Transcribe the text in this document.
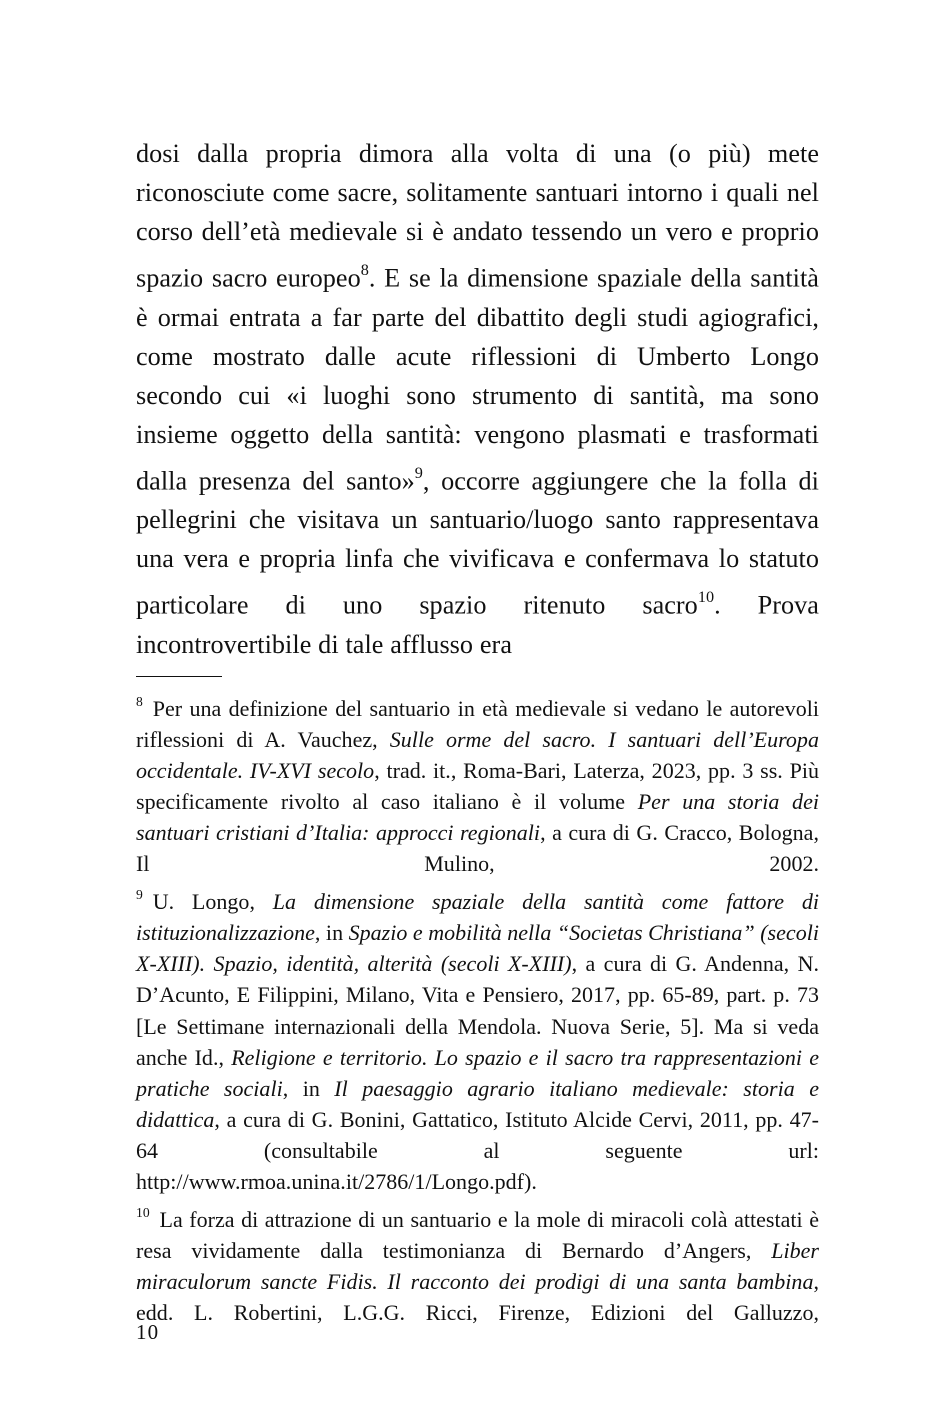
dosi dalla propria dimora alla volta di una (o più) mete riconosciute come sacre, solitamente santuari intorno i quali nel corso dell’età medievale si è andato tessendo un vero e proprio spazio sacro europeo$^8$. E se la dimensione spaziale della santità è ormai entrata a far parte del dibattito degli studi agiografici, come mostrato dalle acute riflessioni di Umberto Longo secondo cui «i luoghi sono strumento di santità, ma sono insieme oggetto della santità: vengono plasmati e trasformati dalla presenza del santo»$^9$, occorre aggiungere che la folla di pellegrini che visitava un santuario/luogo santo rappresentava una vera e propria linfa che vivificava e confermava lo statuto particolare di uno spazio ritenuto sacro$^{10}$. Prova incontrovertibile di tale afflusso era

$^8$ Per una definizione del santuario in età medievale si vedano le autorevoli riflessioni di A. Vauchez, Sulle orme del sacro. I santuari dell’Europa occidentale. IV-XVI secolo, trad. it., Roma-Bari, Laterza, 2023, pp. 3 ss. Più specificamente rivolto al caso italiano è il volume Per una storia dei santuari cristiani d’Italia: approcci regionali, a cura di G. Cracco, Bologna, Il Mulino, 2002.

$^9$ U. Longo, La dimensione spaziale della santità come fattore di istituzionalizzazione, in Spazio e mobilità nella “Societas Christiana” (secoli X-XIII). Spazio, identità, alterità (secoli X-XIII), a cura di G. Andenna, N. D’Acunto, E Filippini, Milano, Vita e Pensiero, 2017, pp. 65-89, part. p. 73 [Le Settimane internazionali della Mendola. Nuova Serie, 5]. Ma si veda anche Id., Religione e territorio. Lo spazio e il sacro tra rappresentazioni e pratiche sociali, in Il paesaggio agrario italiano medievale: storia e didattica, a cura di G. Bonini, Gattatico, Istituto Alcide Cervi, 2011, pp. 47-64 (consultabile al seguente url: http://www.rmoa.unina.it/2786/1/Longo.pdf).

$^{10}$ La forza di attrazione di un santuario e la mole di miracoli colà attestati è resa vividamente dalla testimonianza di Bernardo d’Angers, Liber miraculorum sancte Fidis. Il racconto dei prodigi di una santa bambina, edd. L. Robertini, L.G.G. Ricci, Firenze, Edizioni del Galluzzo,

10
